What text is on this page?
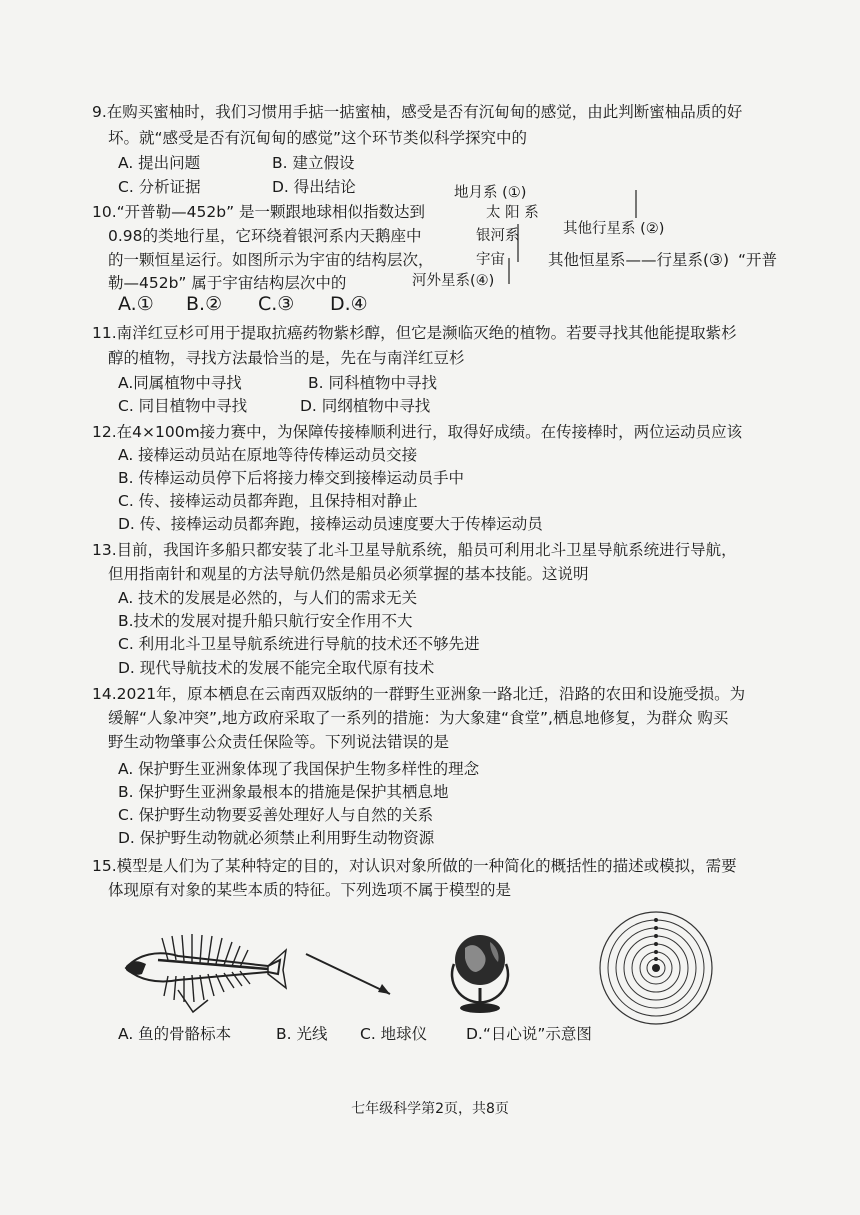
9.在购买蜜柚时，我们习惯用手掂一掂蜜柚，感受是否有沉甸甸的感觉，由此判断蜜柚品质的好
坏。就“感受是否有沉甸甸的感觉”这个环节类似科学探究中的
A. 提出问题	B. 建立假设
C. 分析证据	D. 得出结论
10.“开普勒—452b” 是一颗跟地球相似指数达到
0.98的类地行星，它环绕着银河系内天鹅座中
的一颗恒星运行。如图所示为宇宙的结构层次，
勒—452b” 属于宇宙结构层次中的
“开普
地月系 (①)
太 阳 系
其他行星系 (②)
银河系
宇宙	其他恒星系——行星系(③)
河外星系(④)
A.① B.② C.③ D.④
11.南洋红豆杉可用于提取抗癌药物紫杉醇，但它是濒临灭绝的植物。若要寻找其他能提取紫杉
醇的植物，寻找方法最恰当的是，先在与南洋红豆杉
A.同属植物中寻找	B. 同科植物中寻找
C. 同目植物中寻找	D. 同纲植物中寻找
12.在4×100m接力赛中，为保障传接棒顺利进行，取得好成绩。在传接棒时，两位运动员应该
A. 接棒运动员站在原地等待传棒运动员交接
B. 传棒运动员停下后将接力棒交到接棒运动员手中
C. 传、接棒运动员都奔跑，且保持相对静止
D. 传、接棒运动员都奔跑，接棒运动员速度要大于传棒运动员
13.目前，我国许多船只都安装了北斗卫星导航系统，船员可利用北斗卫星导航系统进行导航，
但用指南针和观星的方法导航仍然是船员必须掌握的基本技能。这说明
A. 技术的发展是必然的，与人们的需求无关
B.技术的发展对提升船只航行安全作用不大
C. 利用北斗卫星导航系统进行导航的技术还不够先进
D. 现代导航技术的发展不能完全取代原有技术
14.2021年，原本栖息在云南西双版纳的一群野生亚洲象一路北迁，沿路的农田和设施受损。为
缓解“人象冲突”,地方政府采取了一系列的措施：为大象建“食堂”,栖息地修复，为群众 购买
野生动物肇事公众责任保险等。下列说法错误的是
A. 保护野生亚洲象体现了我国保护生物多样性的理念
B. 保护野生亚洲象最根本的措施是保护其栖息地
C. 保护野生动物要妥善处理好人与自然的关系
D. 保护野生动物就必须禁止利用野生动物资源
15.模型是人们为了某种特定的目的，对认识对象所做的一种简化的概括性的描述或模拟，需要
体现原有对象的某些本质的特征。下列选项不属于模型的是
A. 鱼的骨骼标本	B. 光线 C. 地球仪	D.“日心说”示意图
七年级科学第2页，共8页
